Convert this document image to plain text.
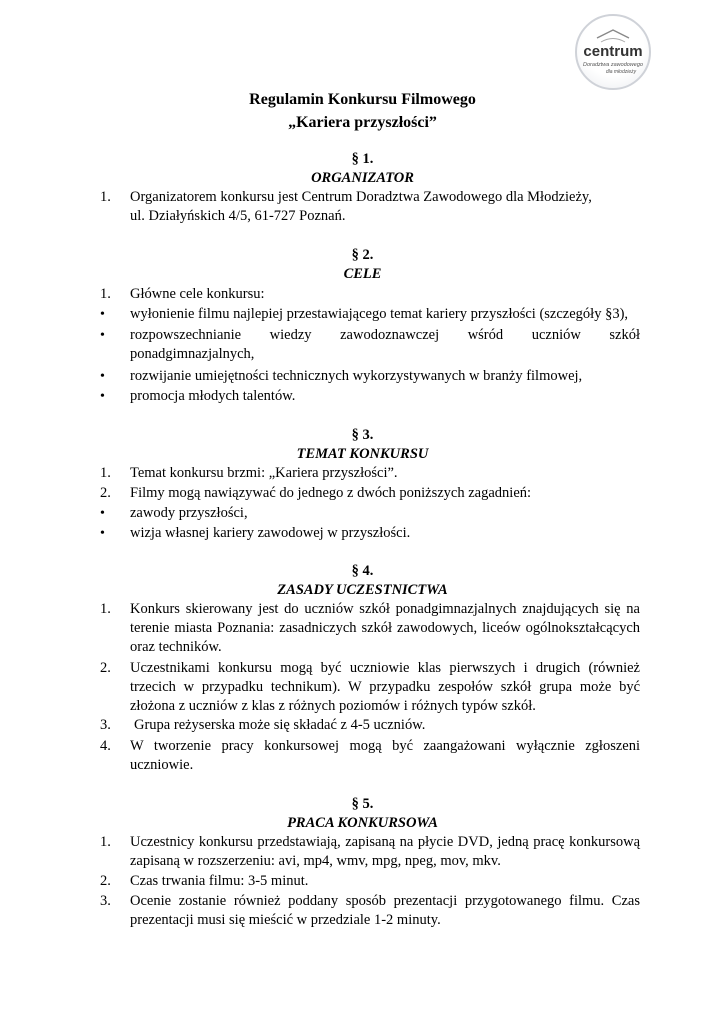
centrum
Doradztwa zawodowego
dla młodzieży
Regulamin Konkursu Filmowego
„Kariera przyszłości”
§ 1.
ORGANIZATOR
1.	Organizatorem konkursu jest Centrum Doradztwa Zawodowego dla Młodzieży,
ul. Działyńskich 4/5, 61-727 Poznań.
§ 2.
CELE
1.	Główne cele konkursu:
•	wyłonienie filmu najlepiej przestawiającego temat kariery przyszłości (szczegóły §3),
•	rozpowszechnianie wiedzy zawodoznawczej wśród uczniów szkół ponadgimnazjalnych,
•	rozwijanie umiejętności technicznych wykorzystywanych w branży filmowej,
•	promocja młodych talentów.
§ 3.
TEMAT KONKURSU
1.	Temat konkursu brzmi: „Kariera przyszłości”.
2.	Filmy mogą nawiązywać do jednego z dwóch poniższych zagadnień:
•	zawody przyszłości,
•	wizja własnej kariery zawodowej w przyszłości.
§ 4.
ZASADY UCZESTNICTWA
1.	Konkurs skierowany jest do uczniów szkół ponadgimnazjalnych znajdujących się na terenie miasta Poznania: zasadniczych szkół zawodowych, liceów ogólnokształcących oraz techników.
2.	Uczestnikami konkursu mogą być uczniowie klas pierwszych i drugich (również trzecich w przypadku technikum). W przypadku zespołów szkół grupa może być złożona z uczniów z klas z różnych poziomów i różnych typów szkół.
3.	Grupa reżyserska może się składać z 4-5 uczniów.
4.	W tworzenie pracy konkursowej mogą być zaangażowani wyłącznie zgłoszeni uczniowie.
§ 5.
PRACA KONKURSOWA
1.	Uczestnicy konkursu przedstawiają, zapisaną na płycie DVD, jedną pracę konkursową zapisaną w rozszerzeniu: avi, mp4, wmv, mpg, npeg, mov, mkv.
2.	Czas trwania filmu: 3-5 minut.
3.	Ocenie zostanie również poddany sposób prezentacji przygotowanego filmu. Czas prezentacji musi się mieścić w przedziale 1-2 minuty.
